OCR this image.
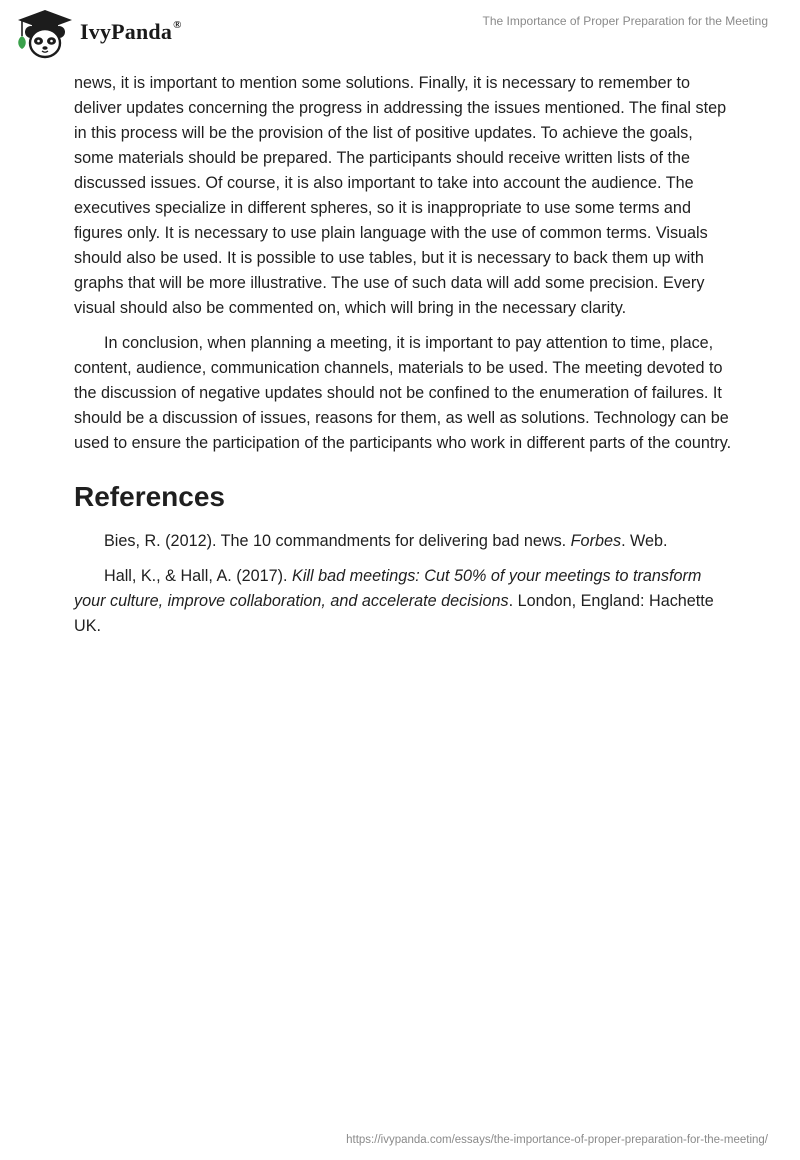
IvyPanda®	The Importance of Proper Preparation for the Meeting

news, it is important to mention some solutions. Finally, it is necessary to remember to deliver updates concerning the progress in addressing the issues mentioned. The final step in this process will be the provision of the list of positive updates. To achieve the goals, some materials should be prepared. The participants should receive written lists of the discussed issues. Of course, it is also important to take into account the audience. The executives specialize in different spheres, so it is inappropriate to use some terms and figures only. It is necessary to use plain language with the use of common terms. Visuals should also be used. It is possible to use tables, but it is necessary to back them up with graphs that will be more illustrative. The use of such data will add some precision. Every visual should also be commented on, which will bring in the necessary clarity.

In conclusion, when planning a meeting, it is important to pay attention to time, place, content, audience, communication channels, materials to be used. The meeting devoted to the discussion of negative updates should not be confined to the enumeration of failures. It should be a discussion of issues, reasons for them, as well as solutions. Technology can be used to ensure the participation of the participants who work in different parts of the country.

References

Bies, R. (2012). The 10 commandments for delivering bad news. Forbes. Web.

Hall, K., & Hall, A. (2017). Kill bad meetings: Cut 50% of your meetings to transform your culture, improve collaboration, and accelerate decisions. London, England: Hachette UK.

https://ivypanda.com/essays/the-importance-of-proper-preparation-for-the-meeting/
